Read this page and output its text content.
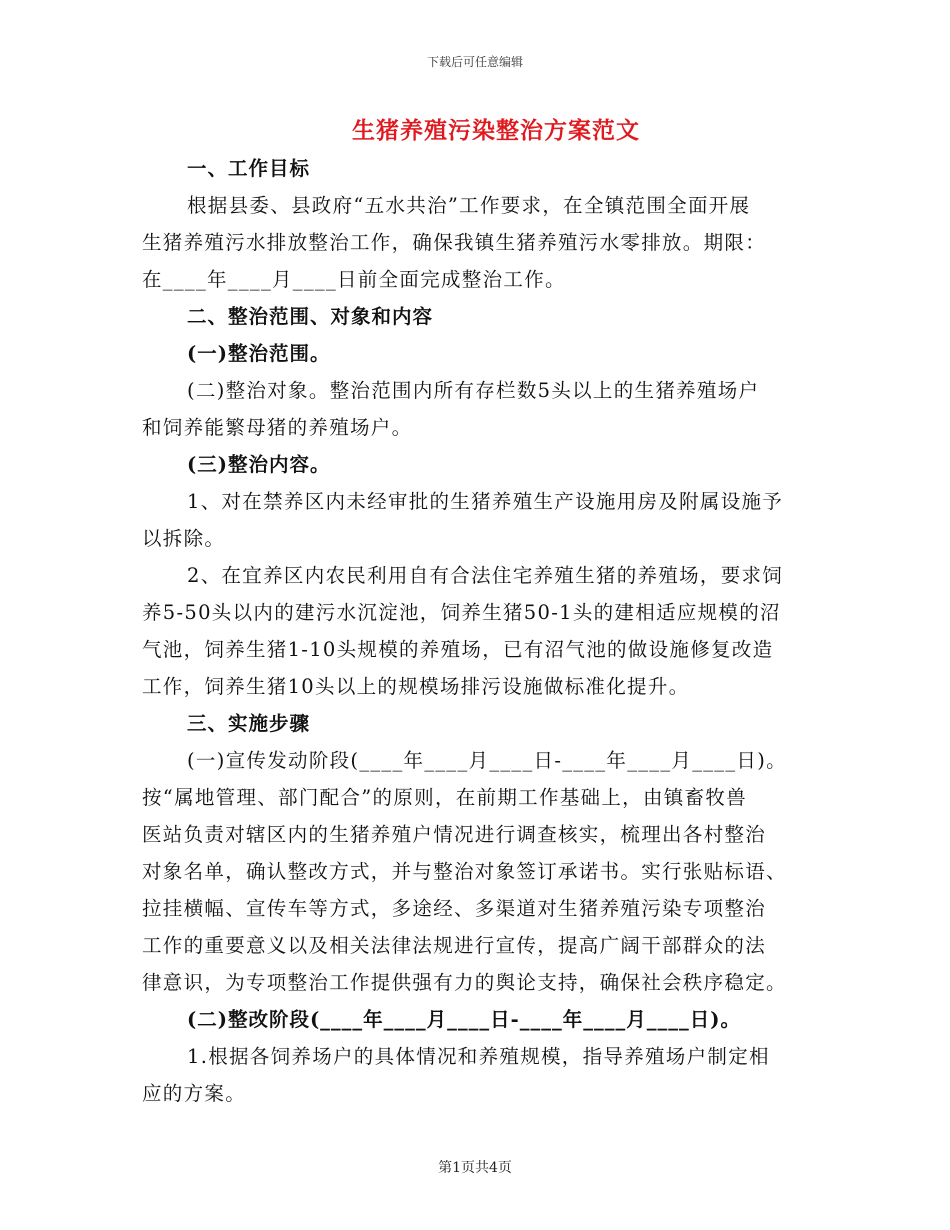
下载后可任意编辑
生猪养殖污染整治方案范文
一、工作目标
根据县委、县政府“五水共治”工作要求，在全镇范围全面开展
生猪养殖污水排放整治工作，确保我镇生猪养殖污水零排放。期限：
在____年____月____日前全面完成整治工作。
二、整治范围、对象和内容
(一)整治范围。
(二)整治对象。整治范围内所有存栏数5头以上的生猪养殖场户
和饲养能繁母猪的养殖场户。
(三)整治内容。
1、对在禁养区内未经审批的生猪养殖生产设施用房及附属设施予
以拆除。
2、在宜养区内农民利用自有合法住宅养殖生猪的养殖场，要求饲
养5-50头以内的建污水沉淀池，饲养生猪50-1头的建相适应规模的沼
气池，饲养生猪1-10头规模的养殖场，已有沼气池的做设施修复改造
工作，饲养生猪10头以上的规模场排污设施做标准化提升。
三、实施步骤
(一)宣传发动阶段(____年____月____日-____年____月____日)。
按“属地管理、部门配合”的原则，在前期工作基础上，由镇畜牧兽
医站负责对辖区内的生猪养殖户情况进行调查核实，梳理出各村整治
对象名单，确认整改方式，并与整治对象签订承诺书。实行张贴标语、
拉挂横幅、宣传车等方式，多途经、多渠道对生猪养殖污染专项整治
工作的重要意义以及相关法律法规进行宣传，提高广阔干部群众的法
律意识，为专项整治工作提供强有力的舆论支持，确保社会秩序稳定。
(二)整改阶段(____年____月____日-____年____月____日)。
1.根据各饲养场户的具体情况和养殖规模，指导养殖场户制定相
应的方案。
第1页共4页
